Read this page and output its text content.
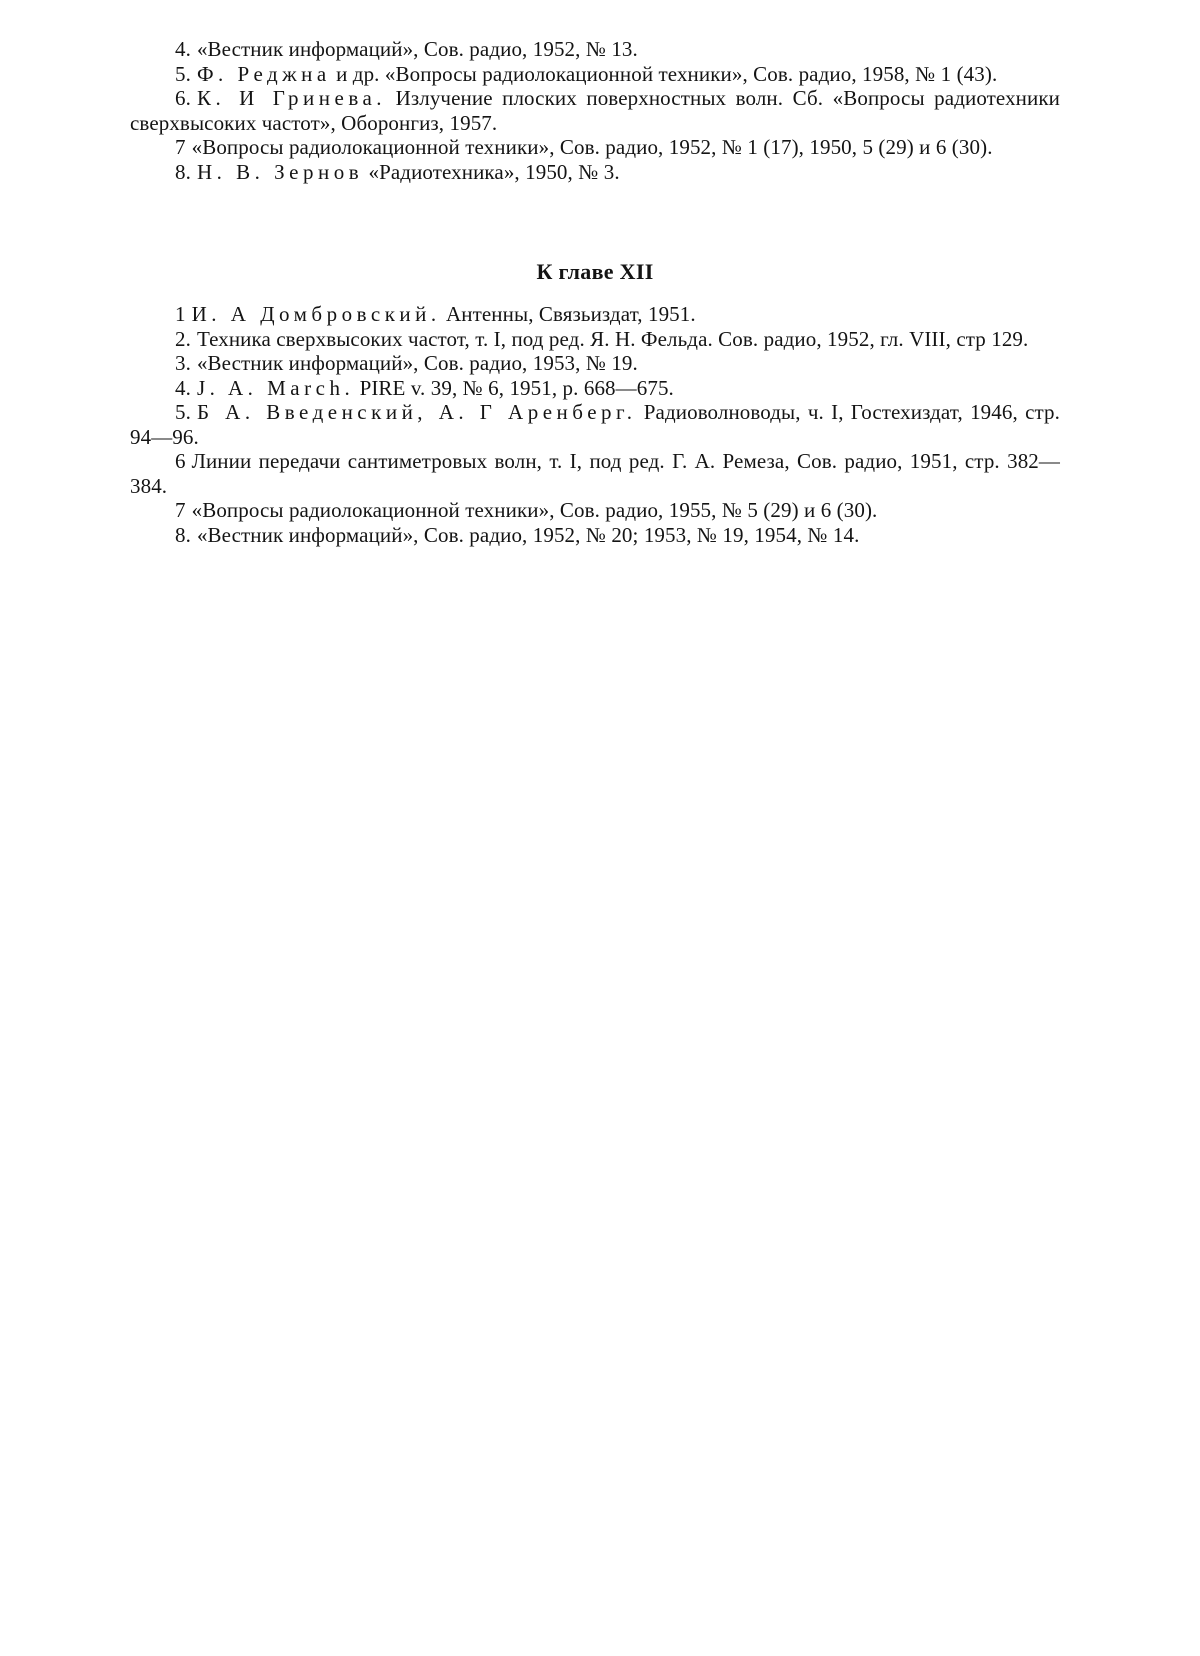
4. «Вестник информаций», Сов. радио, 1952, № 13.

5. Ф. Реджна и др. «Вопросы радиолокационной техники», Сов. радио, 1958, № 1 (43).

6. К. И Гринева. Излучение плоских поверхностных волн. Сб. «Вопросы радиотехники сверхвысоких частот», Оборонгиз, 1957.

7 «Вопросы радиолокационной техники», Сов. радио, 1952, № 1 (17), 1950, 5 (29) и 6 (30).

8. Н. В. Зернов «Радиотехника», 1950, № 3.

К главе XII

1 И. А Домбровский. Антенны, Связьиздат, 1951.

2. Техника сверхвысоких частот, т. I, под ред. Я. Н. Фельда. Сов. радио, 1952, гл. VIII, стр 129.

3. «Вестник информаций», Сов. радио, 1953, № 19.

4. J. A. March. PIRE v. 39, № 6, 1951, p. 668—675.

5. Б А. Введенский, А. Г Аренберг. Радиоволноводы, ч. I, Гостехиздат, 1946, стр. 94—96.

6 Линии передачи сантиметровых волн, т. I, под ред. Г. А. Ремеза, Сов. радио, 1951, стр. 382—384.

7 «Вопросы радиолокационной техники», Сов. радио, 1955, № 5 (29) и 6 (30).

8. «Вестник информаций», Сов. радио, 1952, № 20; 1953, № 19, 1954, № 14.
